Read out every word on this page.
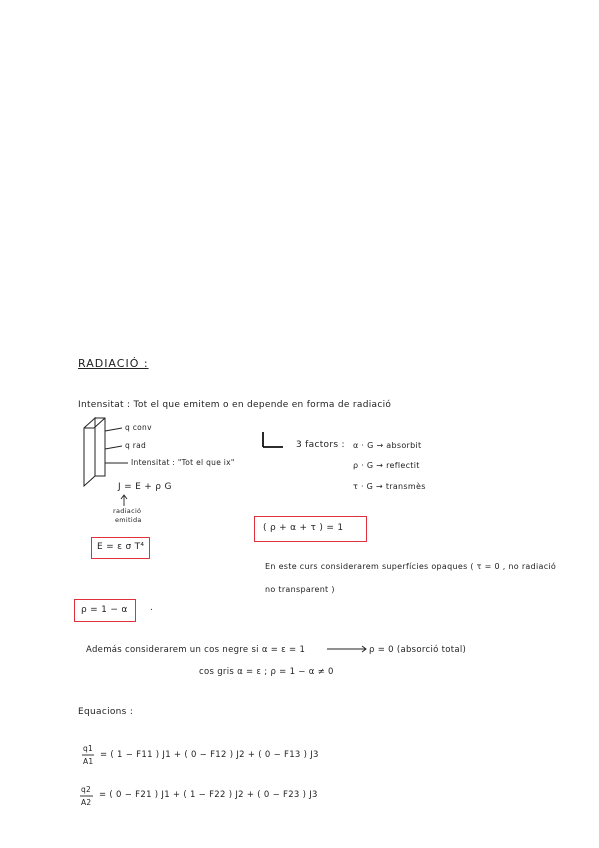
RADIACIÓ :
Intensitat : Tot el que emitem o en depende en forma de radiació
q conv
q rad
Intensitat : "Tot el que ix"
J = E + ρ G
radiació
emitida
E = ε σ T⁴
3 factors : α · G → absorbit
ρ · G → reflectit
τ · G → transmès
( ρ + α + τ ) = 1
En este curs considerarem superfícies opaques ( τ = 0 , no radiació
no transparent )
ρ = 1 − α .
Además considerarem un cos negre si α = ε = 1	ρ = 0 (absorció total)
cos gris α = ε ; ρ = 1 − α ≠ 0
Equacions :
q1
A1
= ( 1 − F11 ) J1 + ( 0 − F12 ) J2 + ( 0 − F13 ) J3
q2
A2
= ( 0 − F21 ) J1 + ( 1 − F22 ) J2 + ( 0 − F23 ) J3
